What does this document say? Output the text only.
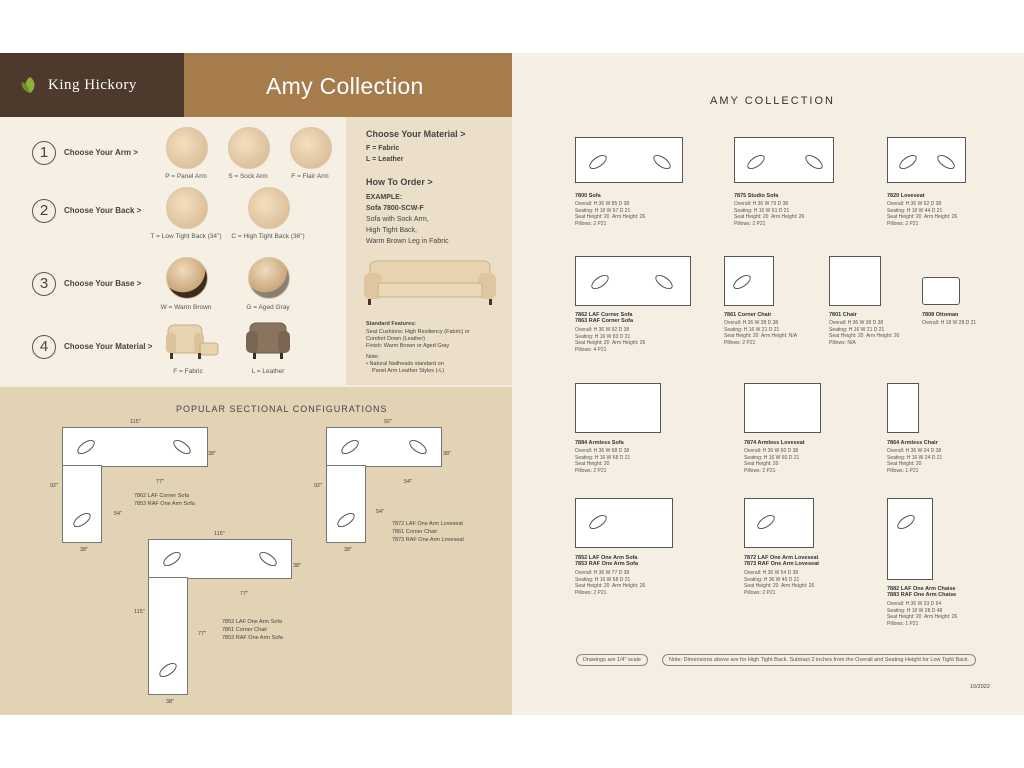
King Hickory	Amy Collection
1	Choose Your Arm >
P = Panel Arm	S = Sock Arm	F = Flair Arm
2	Choose Your Back >
T = Low Tight Back (34")	C = High Tight Back (36")
3	Choose Your Base >
W = Warm Brown	G = Aged Gray
4	Choose Your Material >
F = Fabric	L = Leather
Choose Your Material >
F = Fabric
L = Leather
How To Order >
EXAMPLE:
Sofa 7800-SCW-F
Sofa with Sock Arm,
High Tight Back,
Warm Brown Leg in Fabric
Standard Features:
Seat Cushions: High Resiliency (Fabric) or
Comfort Down (Leather)
Finish: Warm Brown or Aged Gray
Note:
• Natural Nailheads standard on
Panel Arm Leather Styles (-L)
POPULAR SECTIONAL CONFIGURATIONS
115"
38"
92"
77"
54"
38"
7862 LAF Corner Sofa
7853 RAF One Arm Sofa
92"
38"
92"
54"
54"
38"
7872 LAF One Arm Loveseat
7861 Corner Chair
7873 RAF One Arm Loveseat
115"
38"
115"
77"
77"
38"
7852 LAF One Arm Sofa
7861 Corner Chair
7853 RAF One Arm Sofa
AMY COLLECTION
7800 Sofa
Overall: H 36 W 85 D 38
Seating: H 16 W 67 D 21
Seat Height: 20  Arm Height: 26
Pillows: 2 P21
7875 Studio Sofa
Overall: H 36 W 79 D 38
Seating: H 16 W 61 D 21
Seat Height: 20  Arm Height: 26
Pillows: 2 P21
7820 Loveseat
Overall: H 36 W 62 D 38
Seating: H 16 W 44 D 21
Seat Height: 20  Arm Height: 26
Pillows: 2 P21
7862 LAF Corner Sofa
7863 RAF Corner Sofa
Overall: H 36 W 92 D 38
Seating: H 16 W 83 D 21
Seat Height: 20  Arm Height: 26
Pillows: 4 P21
7861 Corner Chair
Overall: H 36 W 38 D 38
Seating: H 16 W 21 D 21
Seat Height: 20  Arm Height: N/A
Pillows: 2 P21
7801 Chair
Overall: H 36 W 38 D 38
Seating: H 16 W 21 D 21
Seat Height: 20  Arm Height: 26
Pillows: N/A
7808 Ottoman
Overall: H 18 W 28 D 21
7884 Armless Sofa
Overall: H 36 W 68 D 38
Seating: H 16 W 68 D 21
Seat Height: 20
Pillows: 2 P21
7874 Armless Loveseat
Overall: H 36 W 60 D 38
Seating: H 16 W 60 D 21
Seat Height: 20
Pillows: 2 P21
7864 Armless Chair
Overall: H 36 W 24 D 38
Seating: H 16 W 24 D 21
Seat Height: 20
Pillows: 1 P21
7852 LAF One Arm Sofa
7853 RAF One Arm Sofa
Overall: H 36 W 77 D 38
Seating: H 16 W 68 D 21
Seat Height: 20  Arm Height: 26
Pillows: 2 P21
7872 LAF One Arm Loveseat
7873 RAF One Arm Loveseat
Overall: H 36 W 54 D 38
Seating: H 36 W 45 D 21
Seat Height: 20  Arm Height: 26
Pillows: 2 P21
7882 LAF One Arm Chaise
7883 RAF One Arm Chaise
Overall: H 36 W 33 D 64
Seating: H 16 W 28 D 48
Seat Height: 20  Arm Height: 26
Pillows: 1 P21
Drawings are 1/4" scale	Note: Dimensions above are for High Tight Back. Subtract 2 inches from the Overall and Seating Height for Low Tight Back.
10/2022
